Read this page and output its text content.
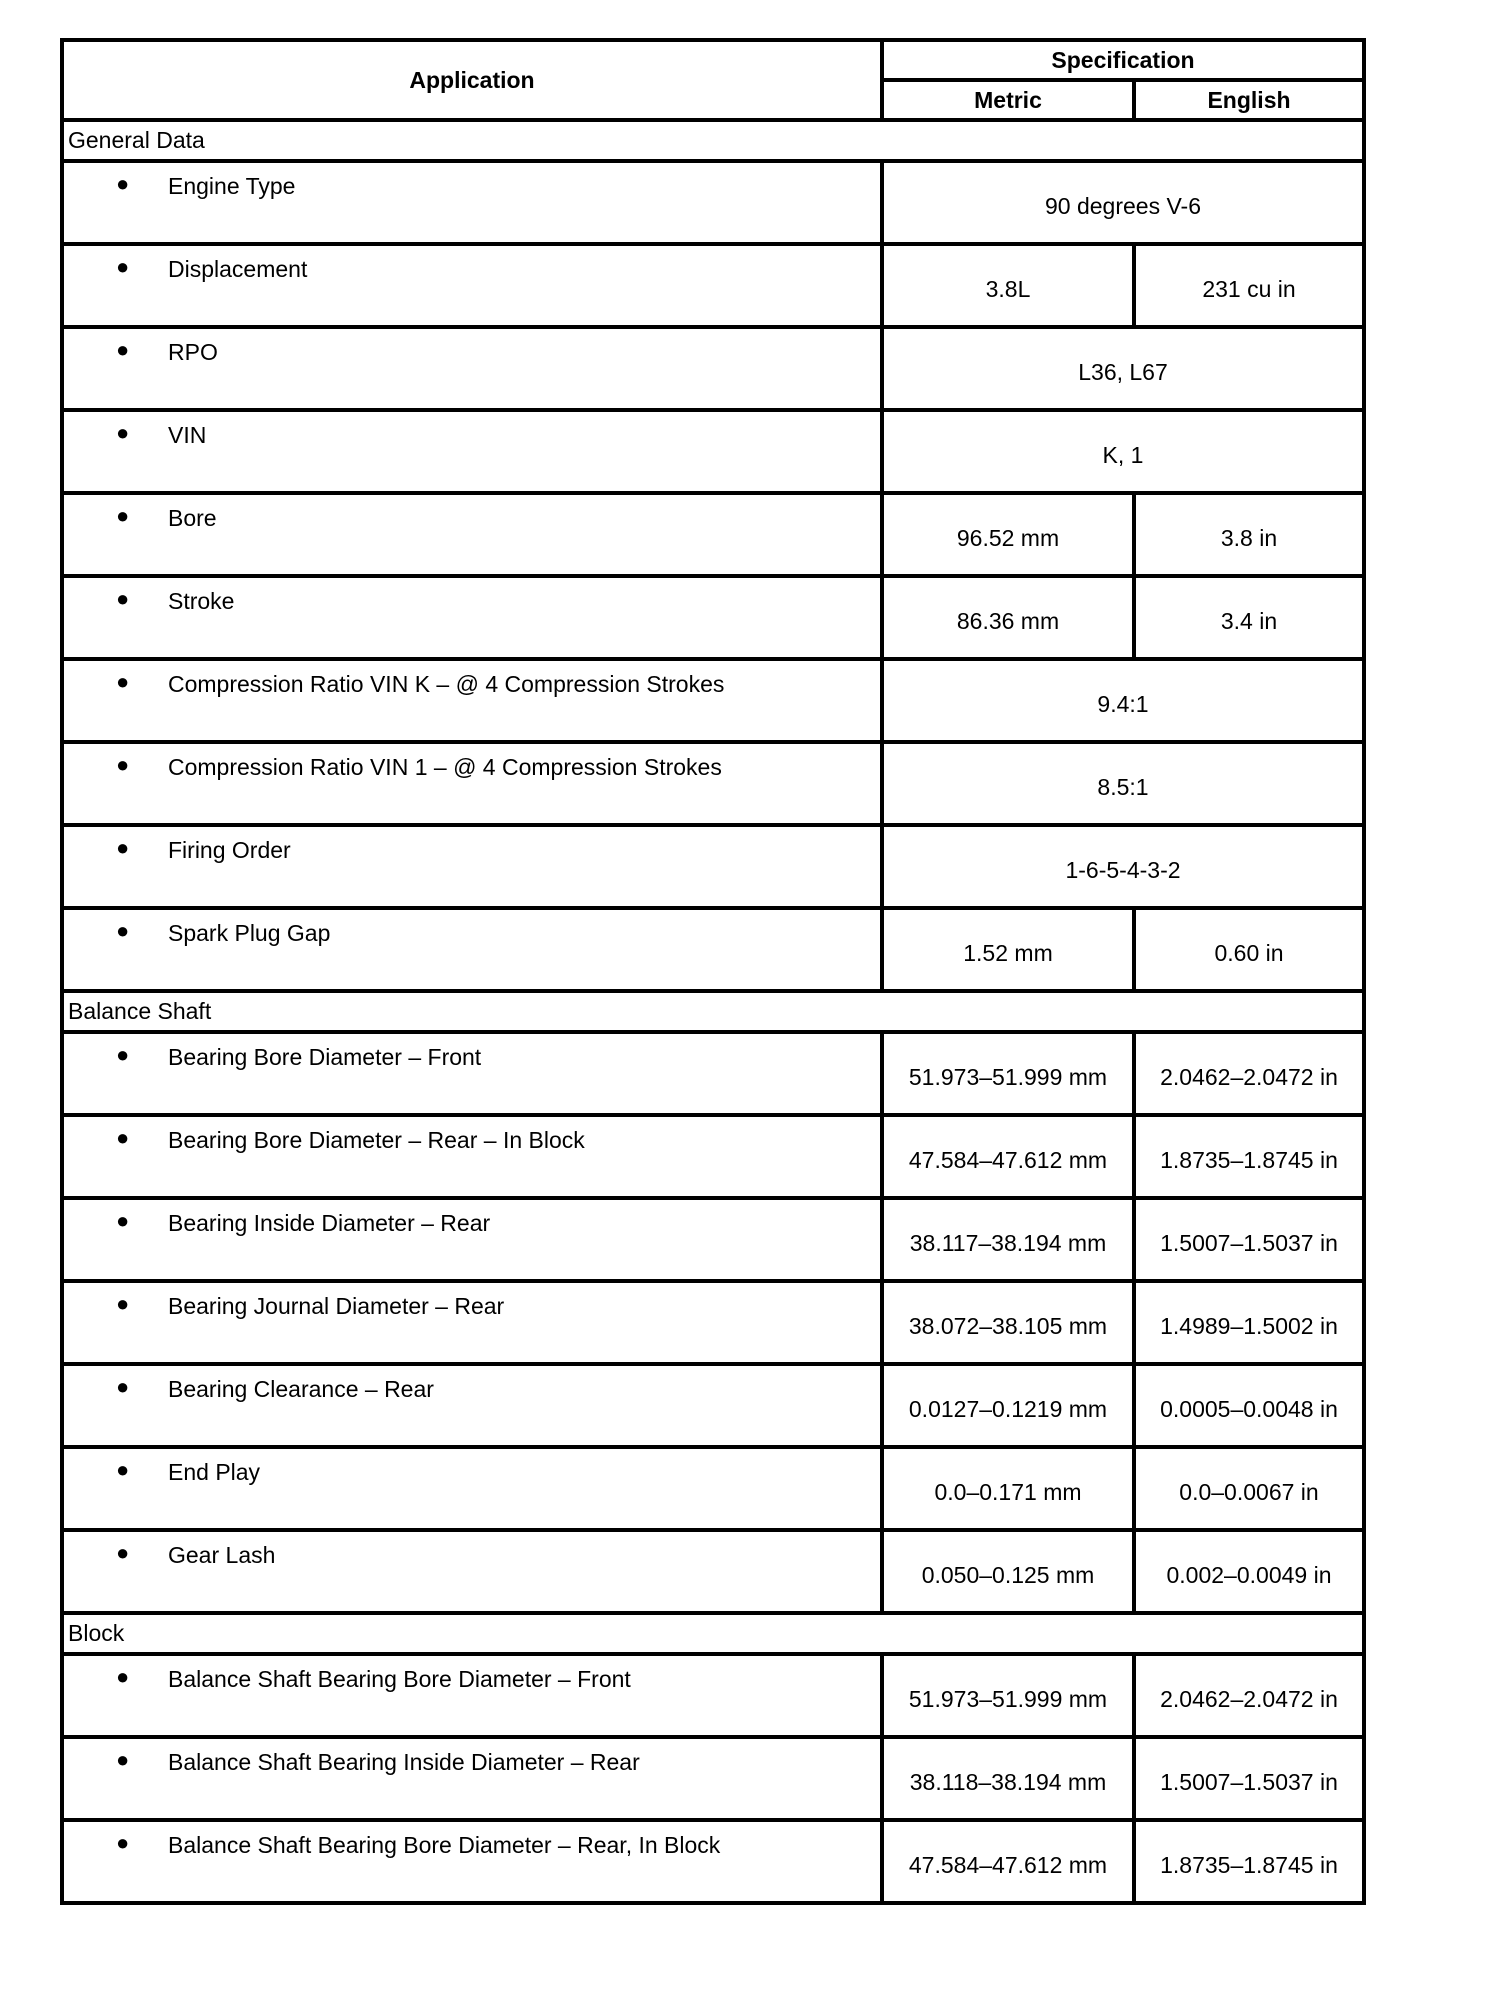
Application	Specification	
	Metric	English
General Data		

● Engine Type	90 degrees V-6	

● Displacement	3.8L	231 cu in

● RPO	L36, L67	

● VIN	K, 1	

● Bore	96.52 mm	3.8 in

● Stroke	86.36 mm	3.4 in

● Compression Ratio VIN K – @ 4 Compression Strokes	9.4:1	

● Compression Ratio VIN 1 – @ 4 Compression Strokes	8.5:1	

● Firing Order	1-6-5-4-3-2	

● Spark Plug Gap	1.52 mm	0.60 in
Balance Shaft		

● Bearing Bore Diameter – Front	51.973–51.999 mm	2.0462–2.0472 in

● Bearing Bore Diameter – Rear – In Block	47.584–47.612 mm	1.8735–1.8745 in

● Bearing Inside Diameter – Rear	38.117–38.194 mm	1.5007–1.5037 in

● Bearing Journal Diameter – Rear	38.072–38.105 mm	1.4989–1.5002 in

● Bearing Clearance – Rear	0.0127–0.1219 mm	0.0005–0.0048 in

● End Play	0.0–0.171 mm	0.0–0.0067 in

● Gear Lash	0.050–0.125 mm	0.002–0.0049 in
Block		

● Balance Shaft Bearing Bore Diameter – Front	51.973–51.999 mm	2.0462–2.0472 in

● Balance Shaft Bearing Inside Diameter – Rear	38.118–38.194 mm	1.5007–1.5037 in

● Balance Shaft Bearing Bore Diameter – Rear, In Block	47.584–47.612 mm	1.8735–1.8745 in
